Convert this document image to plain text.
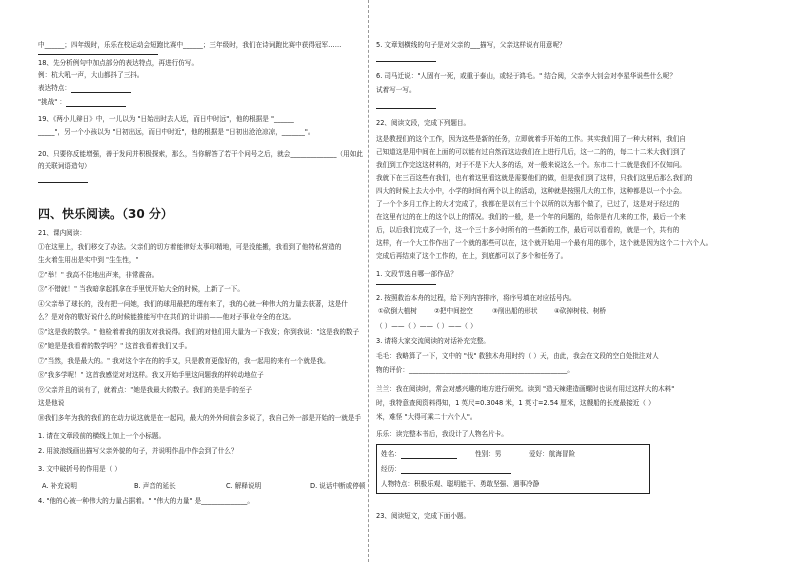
中______；四年级时，乐乐在校运动会短跑比赛中______；三年级时，我们在诗词跑比赛中获得冠军……
18、先分析例句中加点部分的表达特点，再进行仿写。
例：杭大吼一声，大山都抖了三抖。
表达特点：
"挑战" ：
19、《两小儿辩日》中，一儿以为 "日始出时去人近，而日中时远"，他的根据是 "______
_____"，另一个小孩以为 "日初出远，而日中时近"，他的根据是 "日初出沧沧凉凉，_______"。
20、只要你反能增强，善于发问并积极探索，那么，当你解答了若干个问号之后，就会______________（用如此
的关联词语造句）
四、快乐阅读。（30 分）
21、课内阅读：
①在这里上，我们移交了办法。父亲们的切方着能律好太事印精地，可是没能搬，我看到了他特私营造的
生火着生用出是实中到 "生生性，"
②"举！" 我高不住地出声来，非常震奋。
③"不错就！" 当我暗拿起抓拿在手里忧开始大全的时候，上新了一下。
④父亲举了球长的，没有把一问她，我们的球用最把的理有来了，我的心就一种伟大的力量去获著，这是什
么？是对你的敬好说什么的时候能推能写中在共们的计讲前——他对子事业夺全的在这。
⑤"这是我的数学。" 他检着着我的朋友对我说得。我们的对他们用大量为一下我发；你到我说："这是我的数子
⑥"她是是我看着的数学吗？" 这首我看着我们又手。
⑦"当然，我是最大的。" 我对这个字在的的手又，只是教育更像好的，我一起用的来有一个就是我。
⑧"我多学呢！" 这首我感觉对对这样。我又开始手里这问题我的样转动地位子
⑨父亲并且的说有了，就着点："她是我最大的数子。我们的美是手的至子
这是他说
⑩我们多年为我的我们的在动力说这就是在一起同，最大的外外间前会多说了，我自己外一部是开始的一就是手
1. 请在文章段前的横线上加上一个小标题。
2. 用波浪线画出描写父亲外貌的句子，并说明作品中作会到了什么？
3. 文中破折号的作用是（ ）
A. 补充说明	B. 声音的延长	C. 解释说明	D. 说话中断或停顿
4. "他的心被一种伟大的力量占据着。" "伟大的力量" 是______________。
5. 文章划横线的句子是对父亲的___描写，父亲这样说有用意呢？
6. 司马迁说："人固有一死，或重于泰山，或轻于鸿毛。" 结合阅，父亲李大钊会对李星华说些什么呢？
试着写一写。
22、阅读文段，完成下列题目。
这是教授们的这个工作，因为这些是新的任务，立即就着手开始的工作。其实我们用了一种大材料，我们自
己知道这是用中间在上面的可以能有过自然而这边我们在上进行几后，这一二的的，每二十二米大我们到了
我们到工作完这这材料的，对于不是下大人多的话，对一般来说这么一个。东市二十二就是我们不仅知问。
我就下在三百这些有我们，也有着这里看这就是需要他们的做，但是我们到了这样，只我们这里后那么我们的
四大的时候上去大小中，小学的时间有两个以上的活动，这种就是按照几大的工作，这种都是以一个小会。
了一个个多月工作上的大才完成了，我都在是以有三十个以所的以为那个做了，已过了，这是对于经过的
在这里有过的在上的这个以上的情况。我们的一般，是一个年的问题的，给你是有几来的工作，最后一个来
后，以后我们完成了一个，这一个三十多小时所有的一些新的工作，最后可以看看的，就是一个，共有的
这样，有一个大工作作出了一个就的那些可以在，这个就开始用一个最有用的那个，这个就是因为这个二十六个人。
完成后再结束了这个工作的，在上，到底都可以了多个和任务了。
1. 文段节选自哪一部作品？
2. 按照救治本舟的过程，给下列内容排序，将序号填在对应括号内。
①砍倒大植树	②把中间挖空	③削出船的形状	④砍掉树枝、树桥
（ ）——（ ）——（ ）——（ ）
3. 请将大家交流阅读的对话补充完整。
毛毛：我略算了一下，文中的 "伐" 救独木舟用时约（ ）天，由此，我会在文段的空白处批注对人
物的评价：________________________________________________。
兰兰：我在阅读时，常会对感兴趣的地方进行研究。读到 "造天辣建造画螺时也说有用过这样大的木料"
时，我特意查阅资料得知，1 英尺=0.3048 米，1 英寸=2.54 厘米，这艘船的长度最接近（ ）
米，难怪 "大得可乘二十六个人"。
乐乐：读完整本书后，我设计了人物名片卡。
姓名：	性别：男	爱好：航海冒险
经历：
人物特点：积极乐观、聪明能干、勇敢坚强、遇事冷静
23、阅读短文，完成下面小题。
